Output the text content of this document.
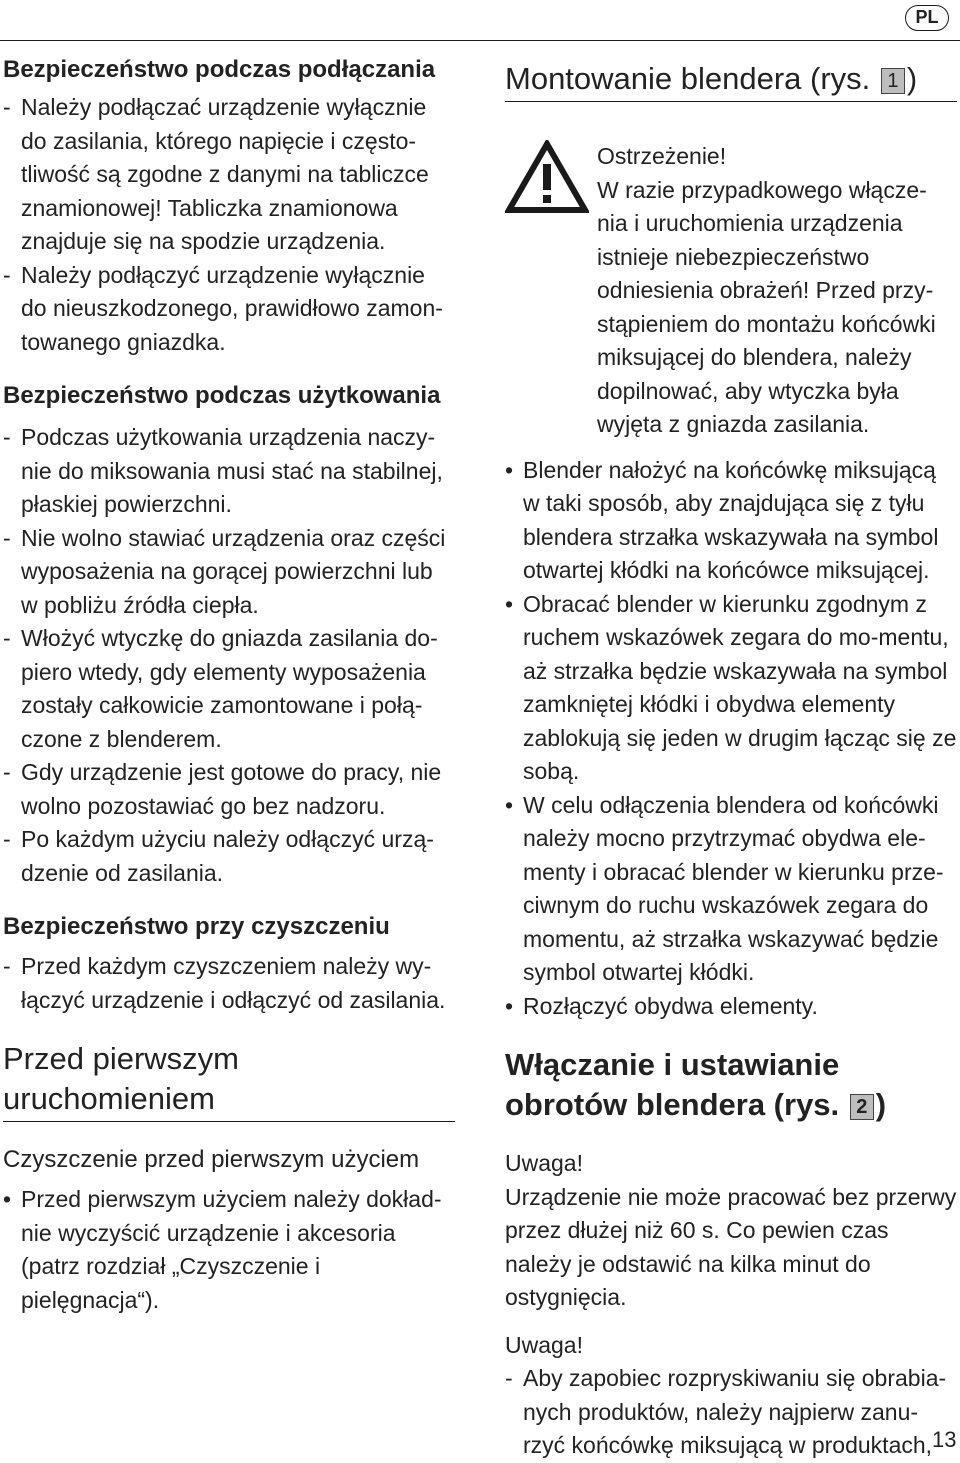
PL
Bezpieczeństwo podczas podłączania

- Należy podłączać urządzenie wyłącznie do zasilania, którego napięcie i często-tliwość są zgodne z danymi na tabliczce znamionowej! Tabliczka znamionowa znajduje się na spodzie urządzenia.

- Należy podłączyć urządzenie wyłącznie do nieuszkodzonego, prawidłowo zamon-towanego gniazdka.

Bezpieczeństwo podczas użytkowania

- Podczas użytkowania urządzenia naczy-nie do miksowania musi stać na stabilnej, płaskiej powierzchni.

- Nie wolno stawiać urządzenia oraz części wyposażenia na gorącej powierzchni lub w pobliżu źródła ciepła.

- Włożyć wtyczkę do gniazda zasilania do-piero wtedy, gdy elementy wyposażenia zostały całkowicie zamontowane i połą-czone z blenderem.

- Gdy urządzenie jest gotowe do pracy, nie wolno pozostawiać go bez nadzoru.

- Po każdym użyciu należy odłączyć urzą-dzenie od zasilania.

Bezpieczeństwo przy czyszczeniu

- Przed każdym czyszczeniem należy wy-łączyć urządzenie i odłączyć od zasilania.

Przed pierwszym uruchomieniem
Czyszczenie przed pierwszym użyciem

• Przed pierwszym użyciem należy dokład-nie wyczyścić urządzenie i akcesoria (patrz rozdział „Czyszczenie i pielęgnacja“).

Montowanie blendera (rys. 1 )

Ostrzeżenie!

W razie przypadkowego włącze-nia i uruchomienia urządzenia istnieje niebezpieczeństwo odniesienia obrażeń! Przed przy-stąpieniem do montażu końcówki miksującej do blendera, należy dopilnować, aby wtyczka była wyjęta z gniazda zasilania.

• Blender nałożyć na końcówkę miksującą w taki sposób, aby znajdująca się z tyłu blendera strzałka wskazywała na symbol otwartej kłódki na końcówce miksującej.

• Obracać blender w kierunku zgodnym z ruchem wskazówek zegara do mo-mentu, aż strzałka będzie wskazywała na symbol zamkniętej kłódki i obydwa elementy zablokują się jeden w drugim łącząc się ze sobą.

• W celu odłączenia blendera od końcówki należy mocno przytrzymać obydwa ele-menty i obracać blender w kierunku prze-ciwnym do ruchu wskazówek zegara do momentu, aż strzałka wskazywać będzie symbol otwartej kłódki.

• Rozłączyć obydwa elementy.

Włączanie i ustawianie obrotów blendera (rys. 2 )

Uwaga!

Urządzenie nie może pracować bez przerwy przez dłużej niż 60 s. Co pewien czas należy je odstawić na kilka minut do ostygnięcia.

Uwaga!

- Aby zapobiec rozpryskiwaniu się obrabia-nych produktów, należy najpierw zanu-rzyć końcówkę miksującą w produktach, 13
